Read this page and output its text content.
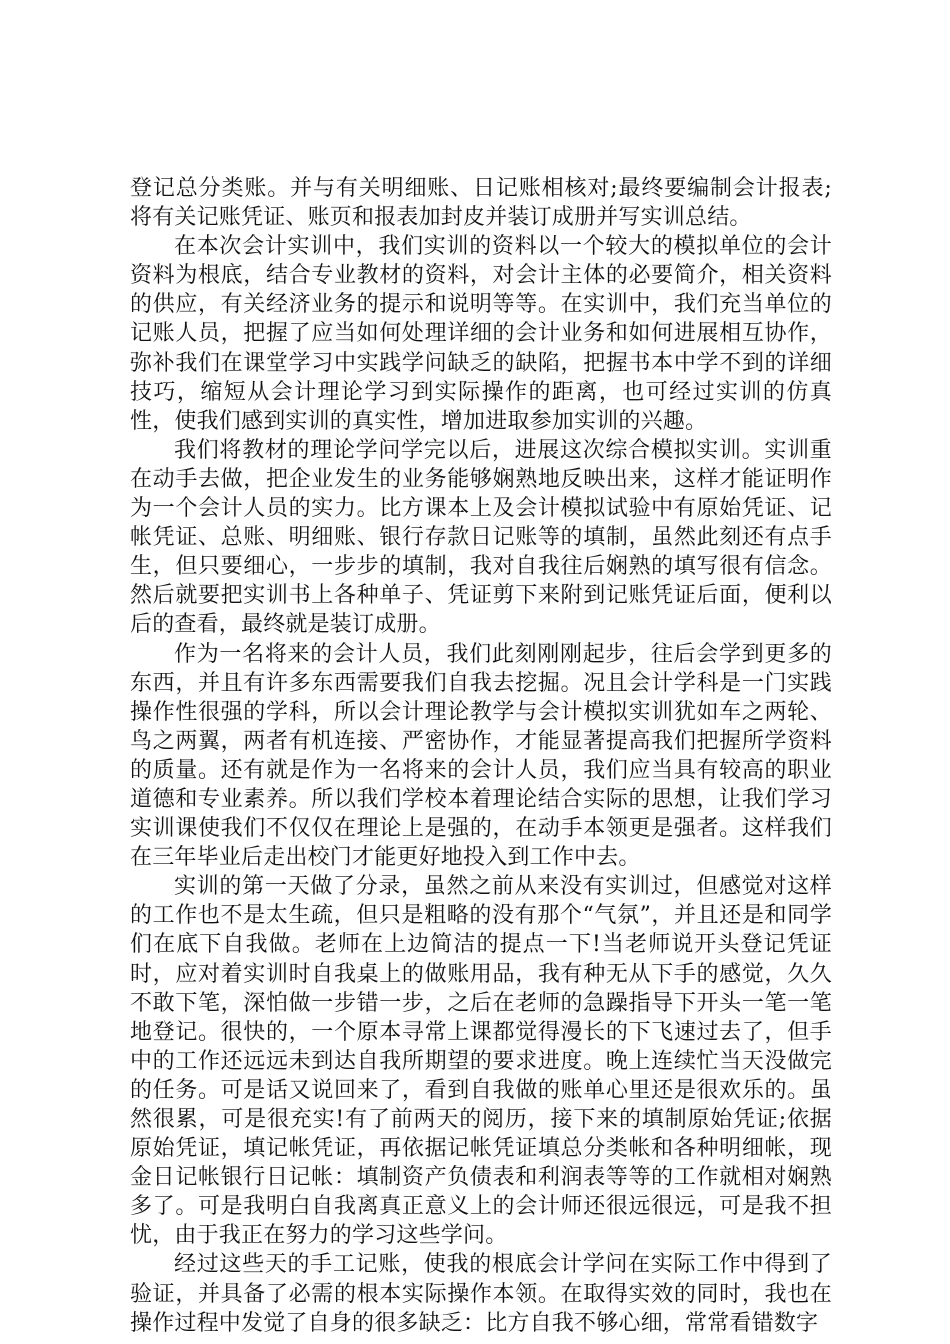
登记总分类账。并与有关明细账、日记账相核对;最终要编制会计报表;将有关记账凭证、账页和报表加封皮并装订成册并写实训总结。

在本次会计实训中，我们实训的资料以一个较大的模拟单位的会计资料为根底，结合专业教材的资料，对会计主体的必要简介，相关资料的供应，有关经济业务的提示和说明等等。在实训中，我们充当单位的记账人员，把握了应当如何处理详细的会计业务和如何进展相互协作，弥补我们在课堂学习中实践学问缺乏的缺陷，把握书本中学不到的详细技巧，缩短从会计理论学习到实际操作的距离，也可经过实训的仿真性，使我们感到实训的真实性，增加进取参加实训的兴趣。

我们将教材的理论学问学完以后，进展这次综合模拟实训。实训重在动手去做，把企业发生的业务能够娴熟地反映出来，这样才能证明作为一个会计人员的实力。比方课本上及会计模拟试验中有原始凭证、记帐凭证、总账、明细账、银行存款日记账等的填制，虽然此刻还有点手生，但只要细心，一步步的填制，我对自我往后娴熟的填写很有信念。然后就要把实训书上各种单子、凭证剪下来附到记账凭证后面，便利以后的查看，最终就是装订成册。

作为一名将来的会计人员，我们此刻刚刚起步，往后会学到更多的东西，并且有许多东西需要我们自我去挖掘。况且会计学科是一门实践操作性很强的学科，所以会计理论教学与会计模拟实训犹如车之两轮、鸟之两翼，两者有机连接、严密协作，才能显著提高我们把握所学资料的质量。还有就是作为一名将来的会计人员，我们应当具有较高的职业道德和专业素养。所以我们学校本着理论结合实际的思想，让我们学习实训课使我们不仅仅在理论上是强的，在动手本领更是强者。这样我们在三年毕业后走出校门才能更好地投入到工作中去。

实训的第一天做了分录，虽然之前从来没有实训过，但感觉对这样的工作也不是太生疏，但只是粗略的没有那个“气氛”，并且还是和同学们在底下自我做。老师在上边简洁的提点一下!当老师说开头登记凭证时，应对着实训时自我桌上的做账用品，我有种无从下手的感觉，久久不敢下笔，深怕做一步错一步，之后在老师的急躁指导下开头一笔一笔地登记。很快的，一个原本寻常上课都觉得漫长的下飞速过去了，但手中的工作还远远未到达自我所期望的要求进度。晚上连续忙当天没做完的任务。可是话又说回来了，看到自我做的账单心里还是很欢乐的。虽然很累，可是很充实!有了前两天的阅历，接下来的填制原始凭证;依据原始凭证，填记帐凭证，再依据记帐凭证填总分类帐和各种明细帐，现金日记帐银行日记帐：填制资产负债表和利润表等等的工作就相对娴熟多了。可是我明白自我离真正意义上的会计师还很远很远，可是我不担忧，由于我正在努力的学习这些学问。

经过这些天的手工记账，使我的根底会计学问在实际工作中得到了验证，并具备了必需的根本实际操作本领。在取得实效的同时，我也在操作过程中发觉了自身的很多缺乏：比方自我不够心细，常常看错数字
